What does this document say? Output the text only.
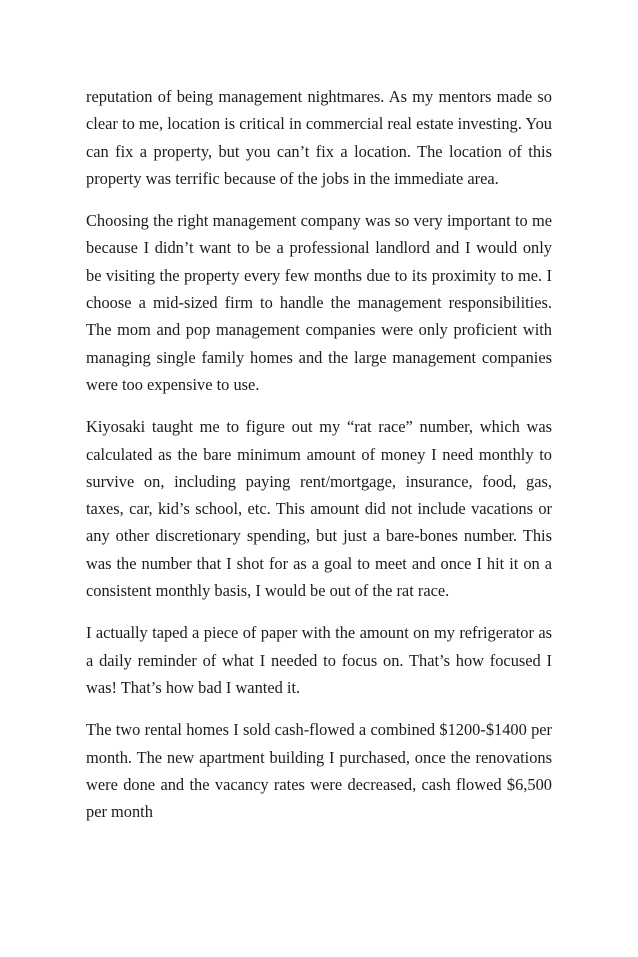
reputation of being management nightmares. As my mentors made so clear to me, location is critical in commercial real estate investing. You can fix a property, but you can’t fix a location. The location of this property was terrific because of the jobs in the immediate area.

Choosing the right management company was so very important to me because I didn’t want to be a professional landlord and I would only be visiting the property every few months due to its proximity to me. I choose a mid-sized firm to handle the management responsibilities. The mom and pop management companies were only proficient with managing single family homes and the large management companies were too expensive to use.

Kiyosaki taught me to figure out my “rat race” number, which was calculated as the bare minimum amount of money I need monthly to survive on, including paying rent/mortgage, insurance, food, gas, taxes, car, kid’s school, etc. This amount did not include vacations or any other discretionary spending, but just a bare-bones number. This was the number that I shot for as a goal to meet and once I hit it on a consistent monthly basis, I would be out of the rat race.

I actually taped a piece of paper with the amount on my refrigerator as a daily reminder of what I needed to focus on. That’s how focused I was! That’s how bad I wanted it.

The two rental homes I sold cash-flowed a combined $1200-$1400 per month. The new apartment building I purchased, once the renovations were done and the vacancy rates were decreased, cash flowed $6,500 per month
